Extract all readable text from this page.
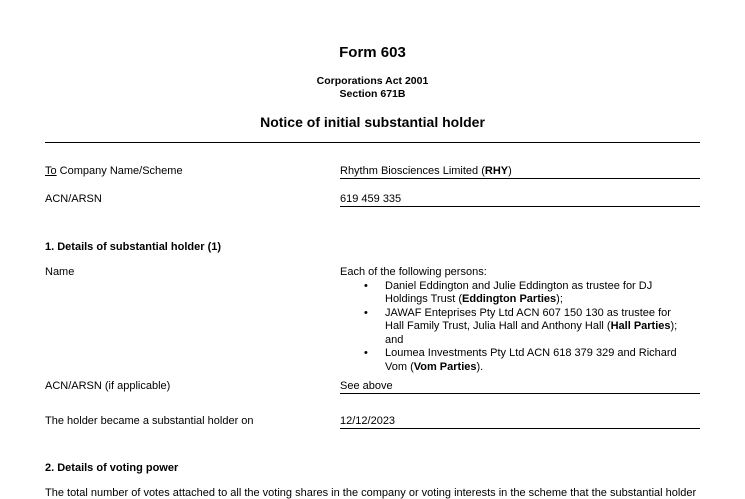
Form 603
Corporations Act 2001
Section 671B
Notice of initial substantial holder
To Company Name/Scheme	Rhythm Biosciences Limited (RHY)
ACN/ARSN	619 459 335
1. Details of substantial holder (1)
Name	Each of the following persons:
• Daniel Eddington and Julie Eddington as trustee for DJ Holdings Trust (Eddington Parties);
• JAWAF Enteprises Pty Ltd ACN 607 150 130 as trustee for Hall Family Trust, Julia Hall and Anthony Hall (Hall Parties); and
• Loumea Investments Pty Ltd ACN 618 379 329 and Richard Vom (Vom Parties).
ACN/ARSN (if applicable)	See above
The holder became a substantial holder on	12/12/2023
2. Details of voting power
The total number of votes attached to all the voting shares in the company or voting interests in the scheme that the substantial holder
